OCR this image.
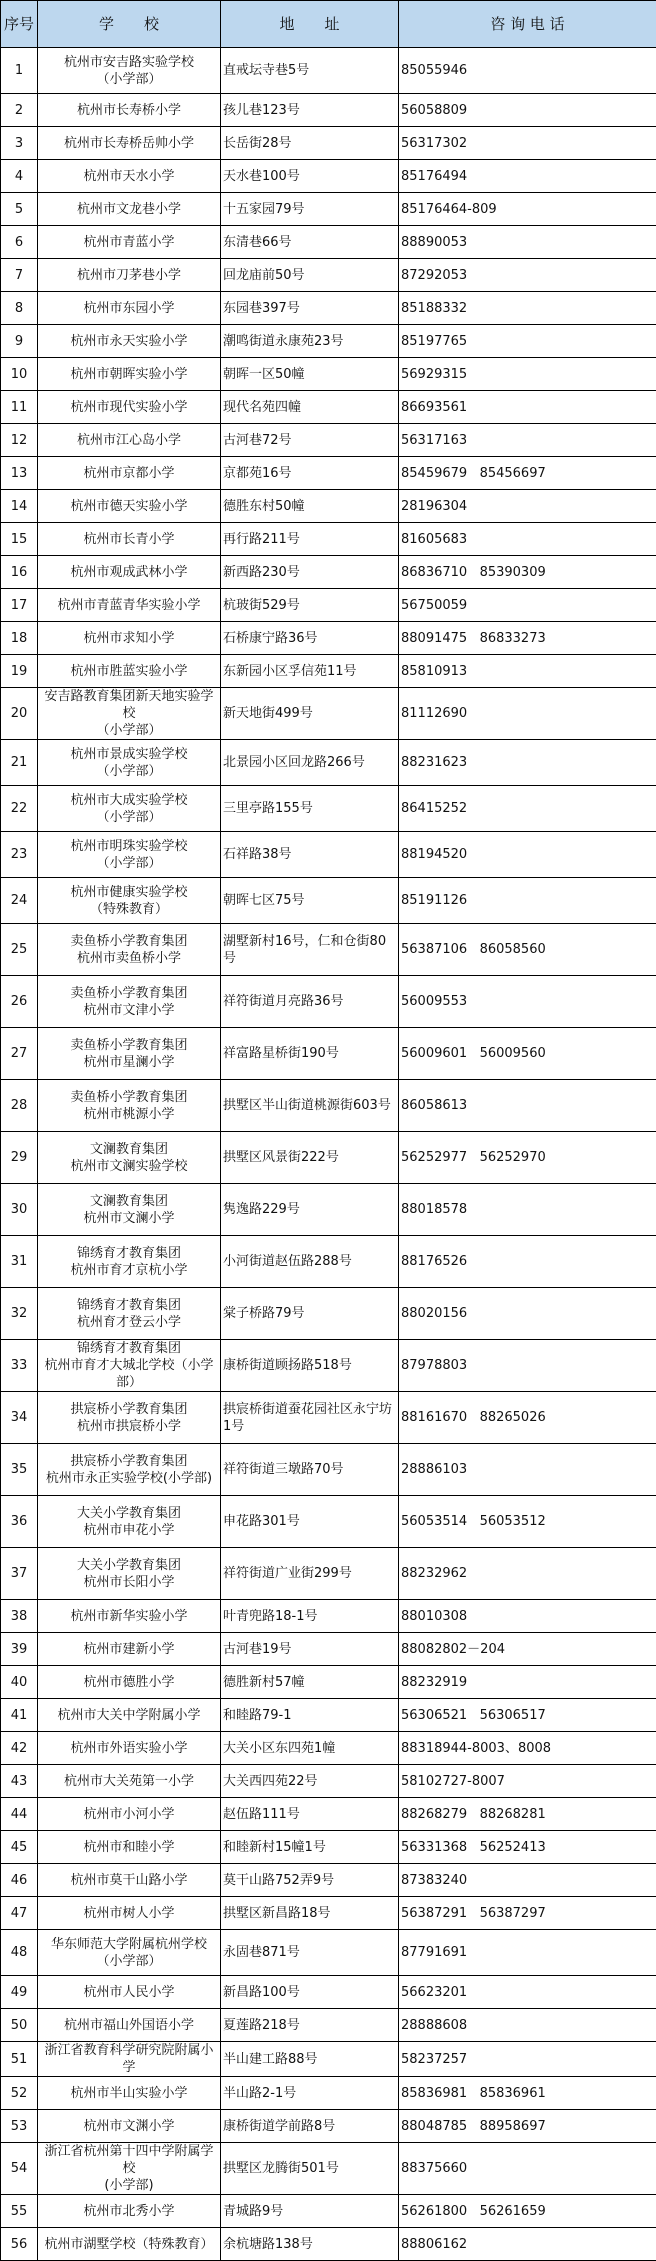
序号	学　　校	地　　址	咨 询 电 话
1	杭州市安吉路实验学校
（小学部）	直戒坛寺巷5号	85055946
2	杭州市长寿桥小学	孩儿巷123号	56058809
3	杭州市长寿桥岳帅小学	长岳街28号	56317302
4	杭州市天水小学	天水巷100号	85176494
5	杭州市文龙巷小学	十五家园79号	85176464-809
6	杭州市青蓝小学	东清巷66号	88890053
7	杭州市刀茅巷小学	回龙庙前50号	87292053
8	杭州市东园小学	东园巷397号	85188332
9	杭州市永天实验小学	潮鸣街道永康苑23号	85197765
10	杭州市朝晖实验小学	朝晖一区50幢	56929315
11	杭州市现代实验小学	现代名苑四幢	86693561
12	杭州市江心岛小学	古河巷72号	56317163
13	杭州市京都小学	京都苑16号	85459679   85456697
14	杭州市德天实验小学	德胜东村50幢	28196304
15	杭州市长青小学	再行路211号	81605683
16	杭州市观成武林小学	新西路230号	86836710   85390309
17	杭州市青蓝青华实验小学	杭玻街529号	56750059
18	杭州市求知小学	石桥康宁路36号	88091475   86833273
19	杭州市胜蓝实验小学	东新园小区孚信苑11号	85810913
20	安吉路教育集团新天地实验学校
（小学部）	新天地街499号	81112690
21	杭州市景成实验学校
（小学部）	北景园小区回龙路266号	88231623
22	杭州市大成实验学校
（小学部）	三里亭路155号	86415252
23	杭州市明珠实验学校
（小学部）	石祥路38号	88194520
24	杭州市健康实验学校
（特殊教育）	朝晖七区75号	85191126
25	卖鱼桥小学教育集团
杭州市卖鱼桥小学	湖墅新村16号，仁和仓街80号	56387106   86058560
26	卖鱼桥小学教育集团
杭州市文津小学	祥符街道月亮路36号	56009553
27	卖鱼桥小学教育集团
杭州市星澜小学	祥富路星桥街190号	56009601   56009560
28	卖鱼桥小学教育集团
杭州市桃源小学	拱墅区半山街道桃源街603号	86058613
29	文澜教育集团
杭州市文澜实验学校	拱墅区风景街222号	56252977   56252970
30	文澜教育集团
杭州市文澜小学	隽逸路229号	88018578
31	锦绣育才教育集团
杭州市育才京杭小学	小河街道赵伍路288号	88176526
32	锦绣育才教育集团
杭州育才登云小学	棠子桥路79号	88020156
33	锦绣育才教育集团
杭州市育才大城北学校（小学部）	康桥街道顾扬路518号	87978803
34	拱宸桥小学教育集团
杭州市拱宸桥小学	拱宸桥街道蚕花园社区永宁坊1号	88161670   88265026
35	拱宸桥小学教育集团
杭州市永正实验学校(小学部)	祥符街道三墩路70号	28886103
36	大关小学教育集团
杭州市申花小学	申花路301号	56053514   56053512
37	大关小学教育集团
杭州市长阳小学	祥符街道广业街299号	88232962
38	杭州市新华实验小学	叶青兜路18-1号	88010308
39	杭州市建新小学	古河巷19号	88082802－204
40	杭州市德胜小学	德胜新村57幢	88232919
41	杭州市大关中学附属小学	和睦路79-1	56306521   56306517
42	杭州市外语实验小学	大关小区东四苑1幢	88318944-8003、8008
43	杭州市大关苑第一小学	大关西四苑22号	58102727-8007
44	杭州市小河小学	赵伍路111号	88268279   88268281
45	杭州市和睦小学	和睦新村15幢1号	56331368   56252413
46	杭州市莫干山路小学	莫干山路752弄9号	87383240
47	杭州市树人小学	拱墅区新昌路18号	56387291   56387297
48	华东师范大学附属杭州学校
（小学部）	永固巷871号	87791691
49	杭州市人民小学	新昌路100号	56623201
50	杭州市福山外国语小学	夏莲路218号	28888608
51	浙江省教育科学研究院附属小学	半山建工路88号	58237257
52	杭州市半山实验小学	半山路2-1号	85836981   85836961
53	杭州市文渊小学	康桥街道学前路8号	88048785   88958697
54	浙江省杭州第十四中学附属学校
(小学部)	拱墅区龙腾街501号	88375660
55	杭州市北秀小学	青城路9号	56261800   56261659
56	杭州市湖墅学校（特殊教育）	余杭塘路138号	88806162
